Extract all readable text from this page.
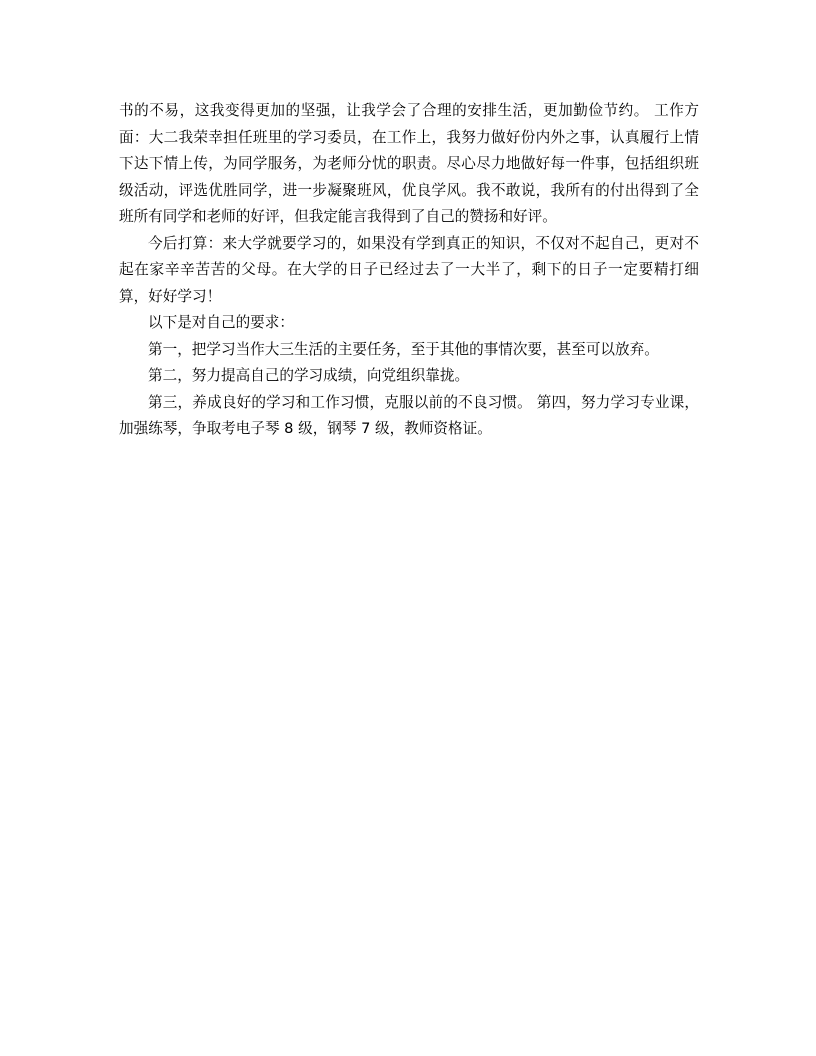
书的不易，这我变得更加的坚强，让我学会了合理的安排生活，更加勤俭节约。 工作方面：大二我荣幸担任班里的学习委员，在工作上，我努力做好份内外之事，认真履行上情下达下情上传，为同学服务，为老师分忧的职责。尽心尽力地做好每一件事，包括组织班级活动，评选优胜同学，进一步凝聚班风，优良学风。我不敢说，我所有的付出得到了全班所有同学和老师的好评，但我定能言我得到了自己的赞扬和好评。

今后打算：来大学就要学习的，如果没有学到真正的知识，不仅对不起自己，更对不起在家辛辛苦苦的父母。在大学的日子已经过去了一大半了，剩下的日子一定要精打细算，好好学习！

以下是对自己的要求：

第一，把学习当作大三生活的主要任务，至于其他的事情次要，甚至可以放弃。

第二，努力提高自己的学习成绩，向党组织靠拢。

第三，养成良好的学习和工作习惯，克服以前的不良习惯。 第四，努力学习专业课，加强练琴，争取考电子琴 8 级，钢琴 7 级，教师资格证。
